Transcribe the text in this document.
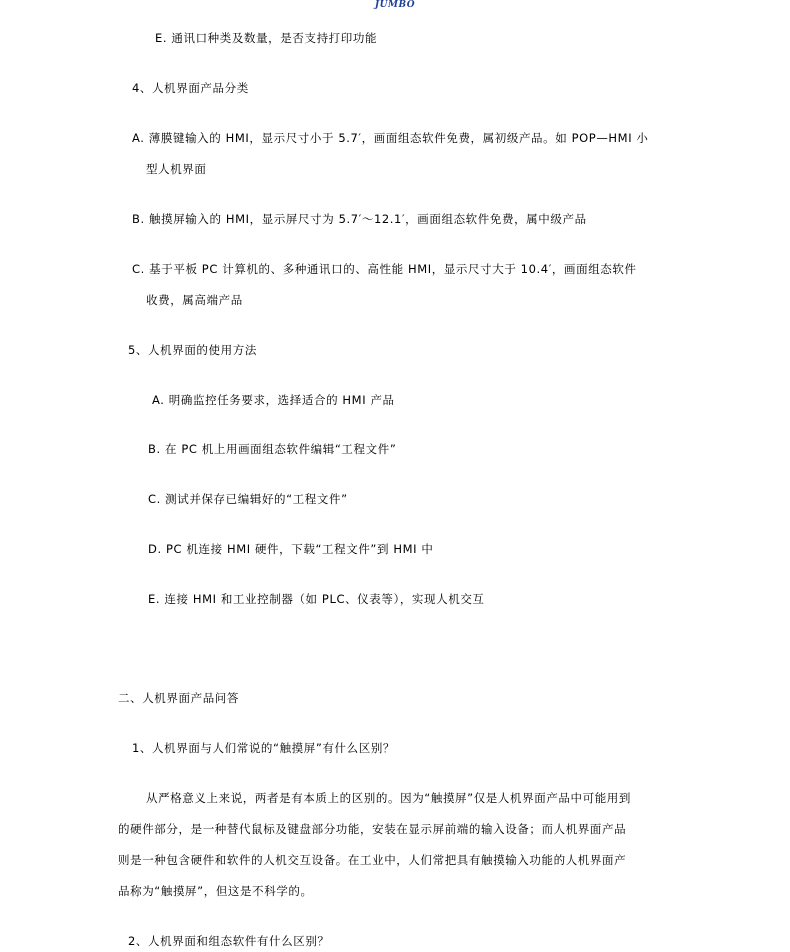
JUMBO
E. 通讯口种类及数量，是否支持打印功能
4、人机界面产品分类
A. 薄膜键输入的 HMI，显示尺寸小于 5.7′，画面组态软件免费，属初级产品。如 POP—HMI 小
型人机界面
B. 触摸屏输入的 HMI，显示屏尺寸为 5.7′～12.1′，画面组态软件免费，属中级产品
C. 基于平板 PC 计算机的、多种通讯口的、高性能 HMI，显示尺寸大于 10.4′，画面组态软件
收费，属高端产品
5、人机界面的使用方法
A. 明确监控任务要求，选择适合的 HMI 产品
B. 在 PC 机上用画面组态软件编辑“工程文件”
C. 测试并保存已编辑好的“工程文件”
D. PC 机连接 HMI 硬件，下载“工程文件”到 HMI 中
E. 连接 HMI 和工业控制器（如 PLC、仪表等），实现人机交互
二、人机界面产品问答
1、人机界面与人们常说的“触摸屏”有什么区别？
从严格意义上来说，两者是有本质上的区别的。因为“触摸屏”仅是人机界面产品中可能用到
的硬件部分，是一种替代鼠标及键盘部分功能，安装在显示屏前端的输入设备；而人机界面产品
则是一种包含硬件和软件的人机交互设备。在工业中，人们常把具有触摸输入功能的人机界面产
品称为“触摸屏”，但这是不科学的。
2、人机界面和组态软件有什么区别？
